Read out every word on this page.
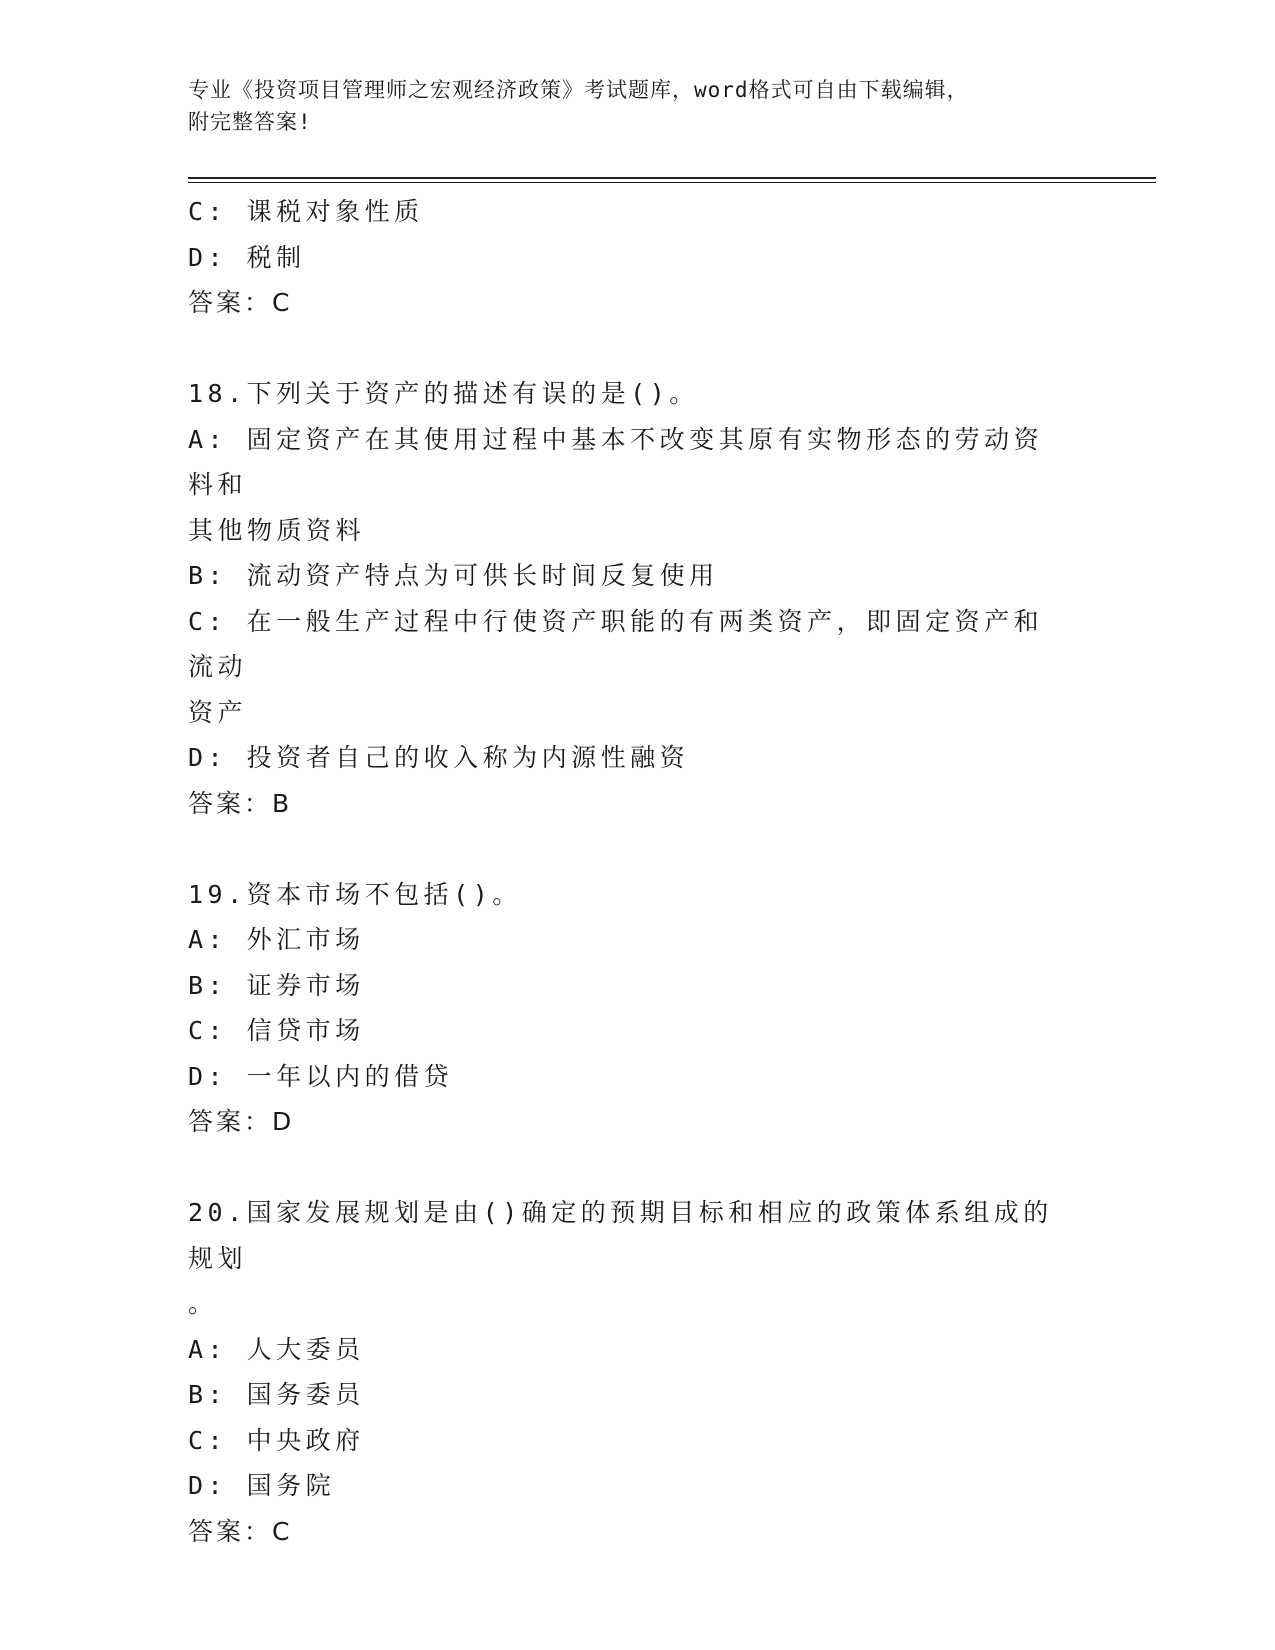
专业《投资项目管理师之宏观经济政策》考试题库，word格式可自由下载编辑，
附完整答案!
C: 课税对象性质
D: 税制
答案：C
18.下列关于资产的描述有误的是()。
A: 固定资产在其使用过程中基本不改变其原有实物形态的劳动资料和
其他物质资料
B: 流动资产特点为可供长时间反复使用
C: 在一般生产过程中行使资产职能的有两类资产，即固定资产和流动
资产
D: 投资者自己的收入称为内源性融资
答案：B
19.资本市场不包括()。
A: 外汇市场
B: 证券市场
C: 信贷市场
D: 一年以内的借贷
答案：D
20.国家发展规划是由()确定的预期目标和相应的政策体系组成的规划
。
A: 人大委员
B: 国务委员
C: 中央政府
D: 国务院
答案：C
